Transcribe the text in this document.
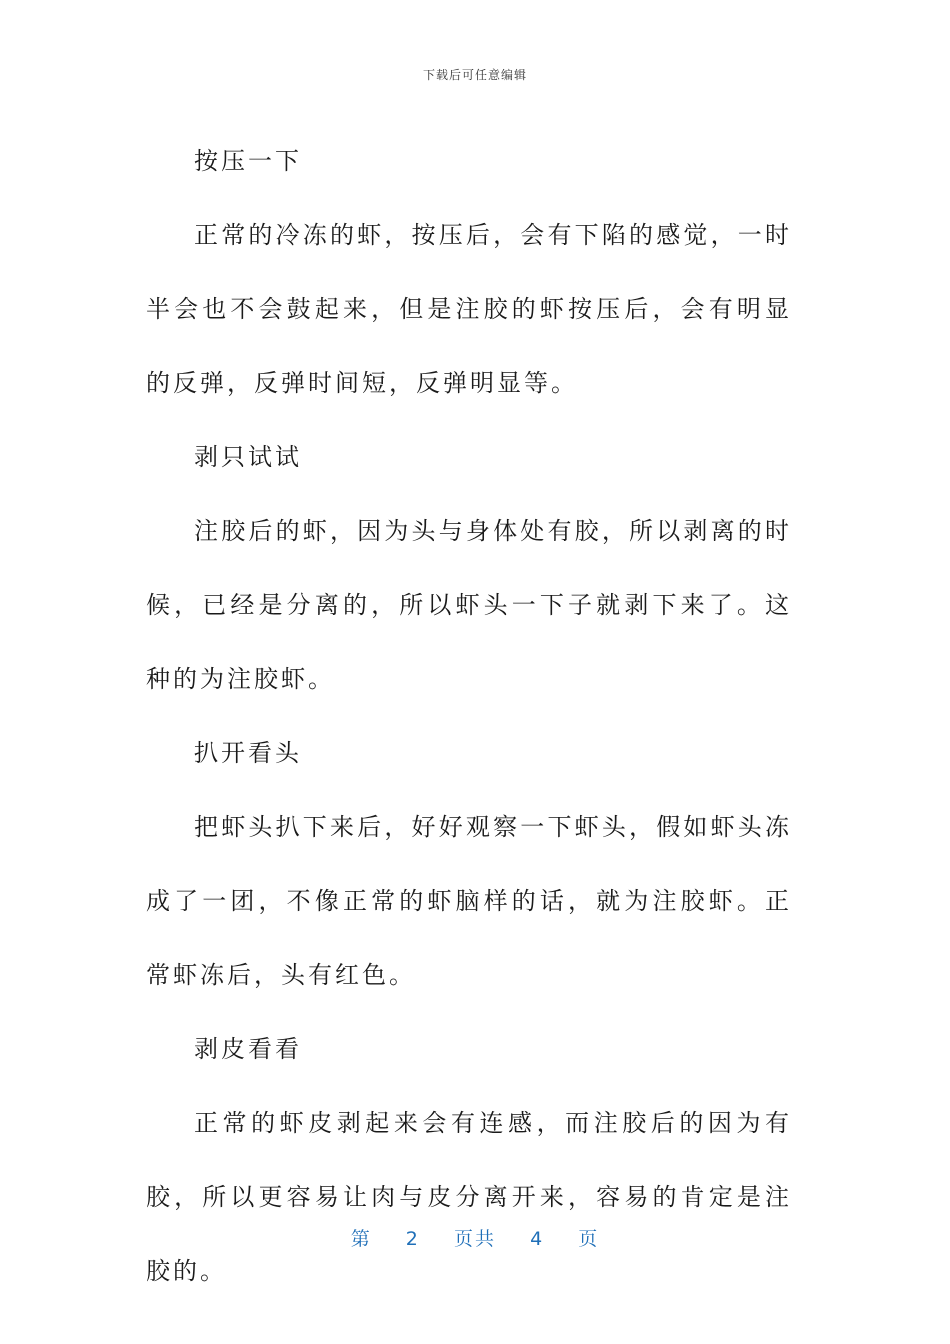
下载后可任意编辑

按压一下

正常的冷冻的虾，按压后，会有下陷的感觉，一时半会也不会鼓起来，但是注胶的虾按压后，会有明显的反弹，反弹时间短，反弹明显等。

剥只试试

注胶后的虾，因为头与身体处有胶，所以剥离的时候，已经是分离的，所以虾头一下子就剥下来了。这种的为注胶虾。

扒开看头

把虾头扒下来后，好好观察一下虾头，假如虾头冻成了一团，不像正常的虾脑样的话，就为注胶虾。正常虾冻后，头有红色。

剥皮看看

正常的虾皮剥起来会有连感，而注胶后的因为有胶，所以更容易让肉与皮分离开来，容易的肯定是注胶的。

第 2 页共 4 页
